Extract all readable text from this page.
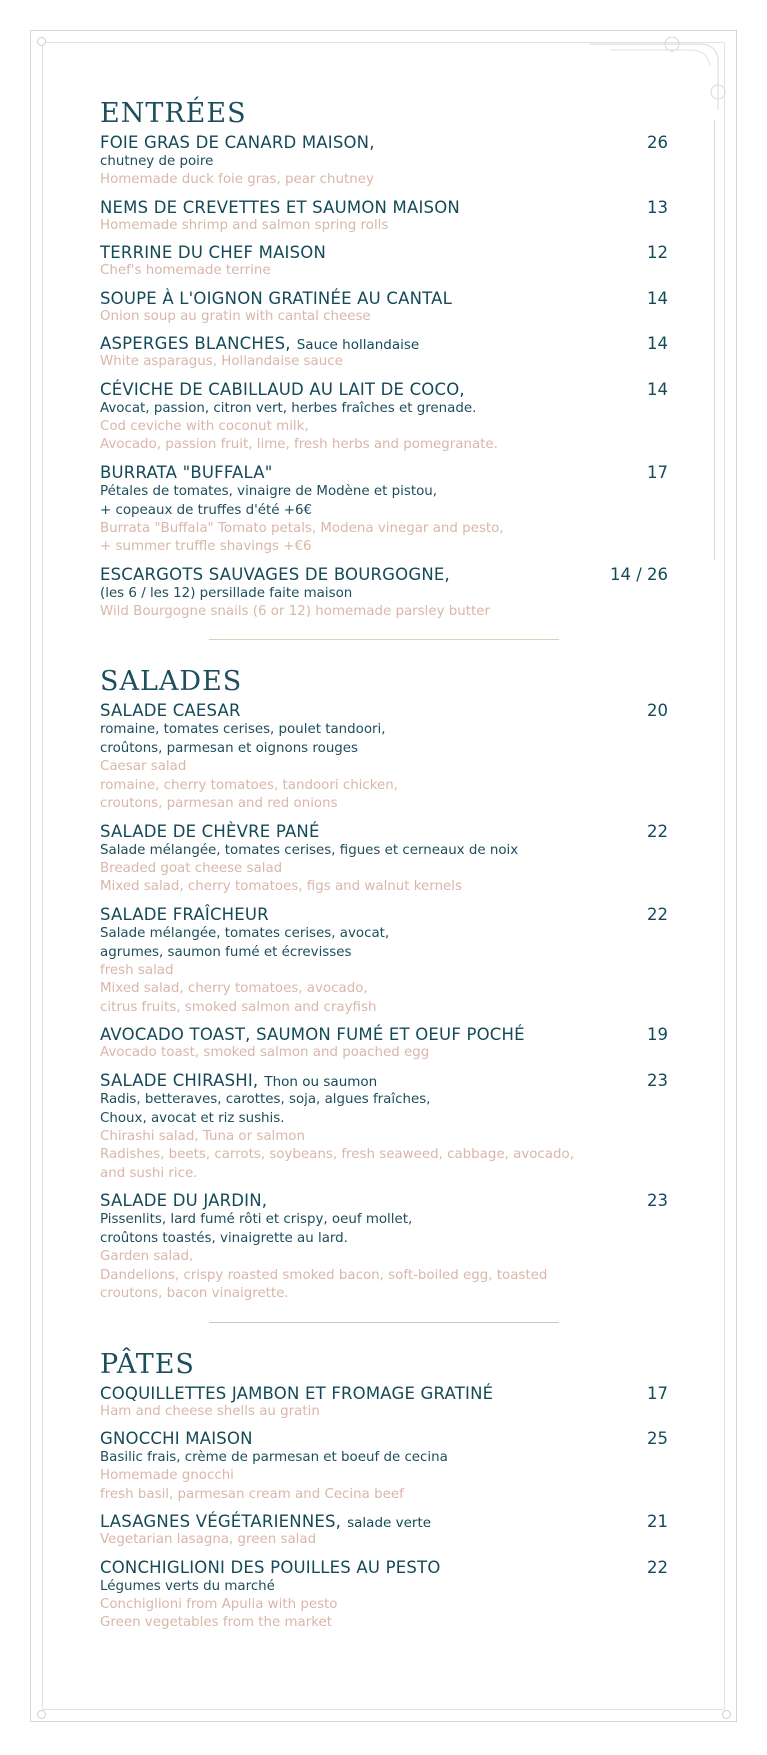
ENTRÉES
FOIE GRAS DE CANARD MAISON,	26
chutney de poire
Homemade duck foie gras, pear chutney
NEMS DE CREVETTES ET SAUMON MAISON	13
Homemade shrimp and salmon spring rolls
TERRINE DU CHEF MAISON	12
Chef's homemade terrine
SOUPE À L'OIGNON GRATINÉE AU CANTAL	14
Onion soup au gratin with cantal cheese
ASPERGES BLANCHES, Sauce hollandaise	14
White asparagus, Hollandaise sauce
CÉVICHE DE CABILLAUD AU LAIT DE COCO,	14
Avocat, passion, citron vert, herbes fraîches et grenade.
Cod ceviche with coconut milk,
Avocado, passion fruit, lime, fresh herbs and pomegranate.
BURRATA "BUFFALA"	17
Pétales de tomates, vinaigre de Modène et pistou,
+ copeaux de truffes d'été +6€
Burrata "Buffala" Tomato petals, Modena vinegar and pesto,
+ summer truffle shavings +€6
ESCARGOTS SAUVAGES DE BOURGOGNE,	14 / 26
(les 6 / les 12) persillade faite maison
Wild Bourgogne snails (6 or 12) homemade parsley butter
SALADES
SALADE CAESAR	20
romaine, tomates cerises, poulet tandoori,
croûtons, parmesan et oignons rouges
Caesar salad
romaine, cherry tomatoes, tandoori chicken,
croutons, parmesan and red onions
SALADE DE CHÈVRE PANÉ	22
Salade mélangée, tomates cerises, figues et cerneaux de noix
Breaded goat cheese salad
Mixed salad, cherry tomatoes, figs and walnut kernels
SALADE FRAÎCHEUR	22
Salade mélangée, tomates cerises, avocat,
agrumes, saumon fumé et écrevisses
fresh salad
Mixed salad, cherry tomatoes, avocado,
citrus fruits, smoked salmon and crayfish
AVOCADO TOAST, SAUMON FUMÉ ET OEUF POCHÉ	19
Avocado toast, smoked salmon and poached egg
SALADE CHIRASHI, Thon ou saumon	23
Radis, betteraves, carottes, soja, algues fraîches,
Choux, avocat et riz sushis.
Chirashi salad, Tuna or salmon
Radishes, beets, carrots, soybeans, fresh seaweed, cabbage, avocado,
and sushi rice.
SALADE DU JARDIN,	23
Pissenlits, lard fumé rôti et crispy, oeuf mollet,
croûtons toastés, vinaigrette au lard.
Garden salad,
Dandelions, crispy roasted smoked bacon, soft-boiled egg, toasted
croutons, bacon vinaigrette.
PÂTES
COQUILLETTES JAMBON ET FROMAGE GRATINÉ	17
Ham and cheese shells au gratin
GNOCCHI MAISON	25
Basilic frais, crème de parmesan et boeuf de cecina
Homemade gnocchi
fresh basil, parmesan cream and Cecina beef
LASAGNES VÉGÉTARIENNES, salade verte	21
Vegetarian lasagna, green salad
CONCHIGLIONI DES POUILLES AU PESTO	22
Légumes verts du marché
Conchiglioni from Apulia with pesto
Green vegetables from the market
